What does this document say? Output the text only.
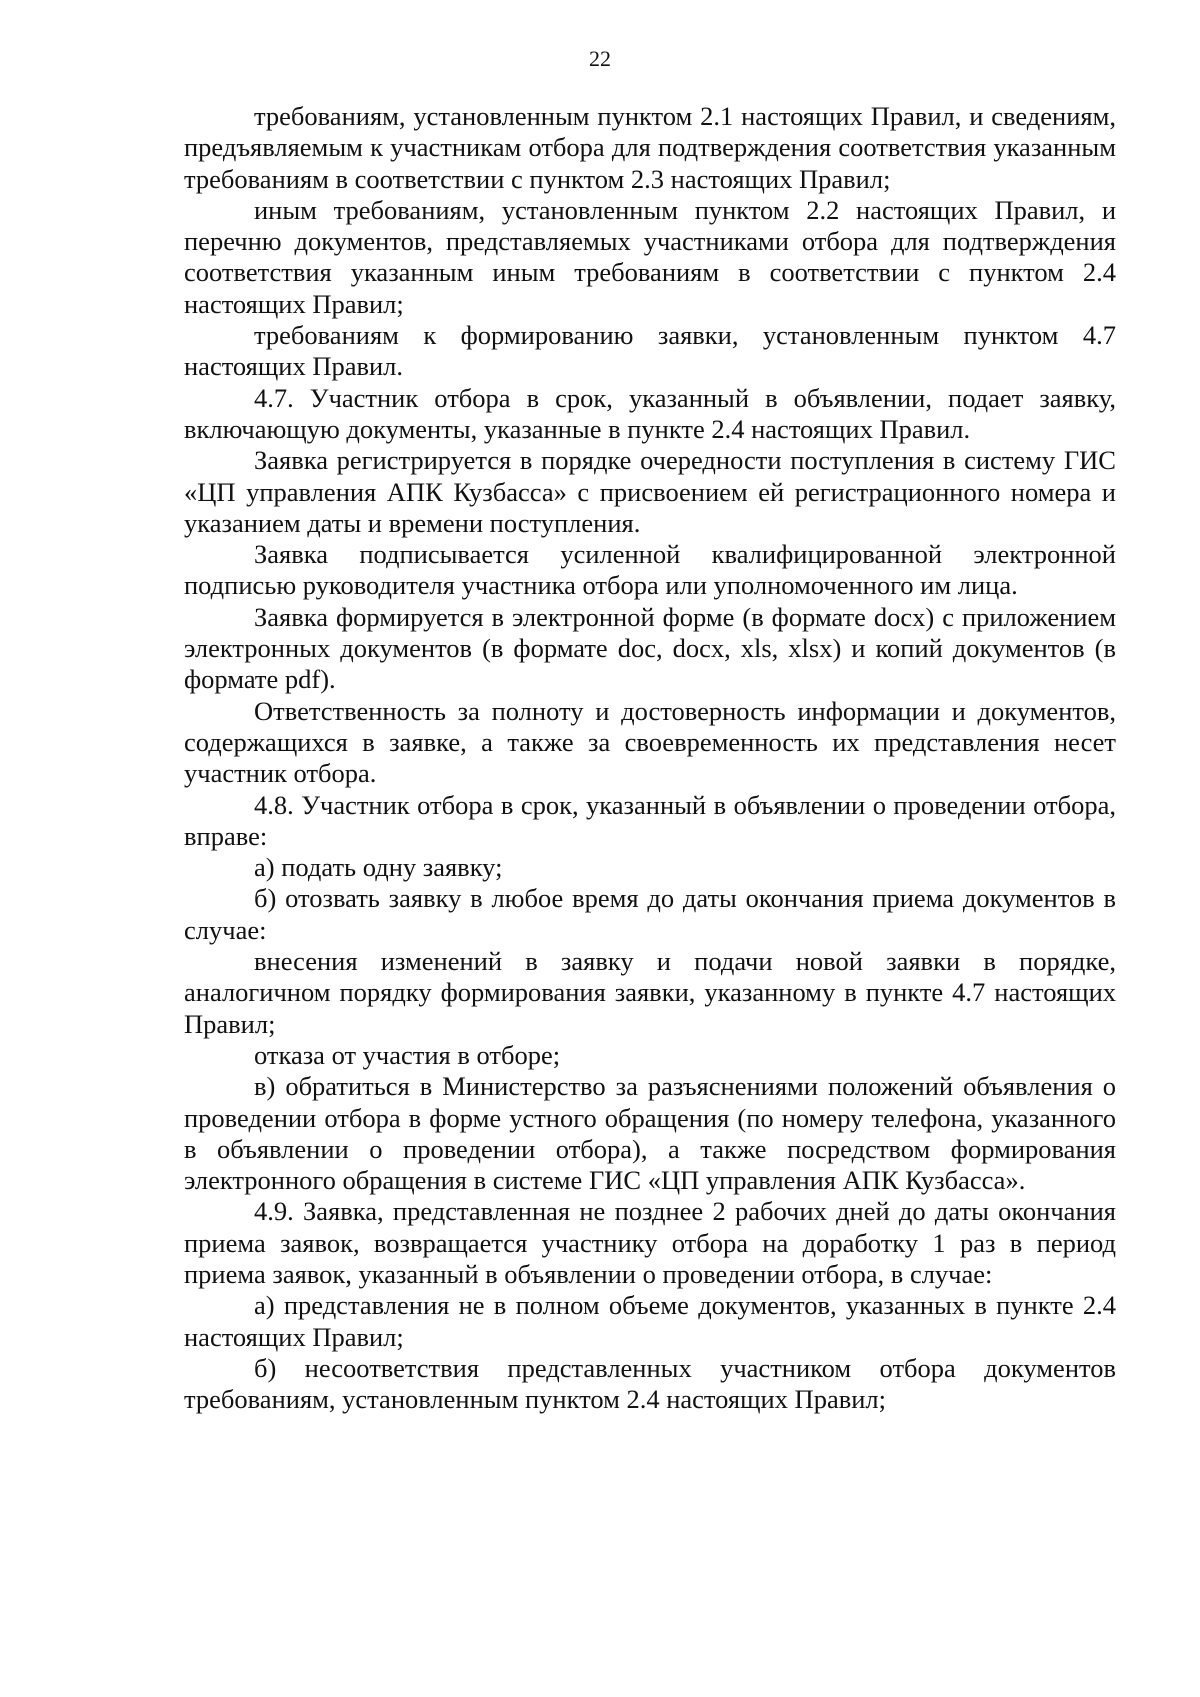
22

требованиям, установленным пунктом 2.1 настоящих Правил, и сведениям, предъявляемым к участникам отбора для подтверждения соответствия указанным требованиям в соответствии с пунктом 2.3 настоящих Правил;

иным требованиям, установленным пунктом 2.2 настоящих Правил, и перечню документов, представляемых участниками отбора для подтверждения соответствия указанным иным требованиям в соответствии с пунктом 2.4 настоящих Правил;

требованиям к формированию заявки, установленным пунктом 4.7 настоящих Правил.

4.7. Участник отбора в срок, указанный в объявлении, подает заявку, включающую документы, указанные в пункте 2.4 настоящих Правил.

Заявка регистрируется в порядке очередности поступления в систему ГИС «ЦП управления АПК Кузбасса» с присвоением ей регистрационного номера и указанием даты и времени поступления.

Заявка подписывается усиленной квалифицированной электронной подписью руководителя участника отбора или уполномоченного им лица.

Заявка формируется в электронной форме (в формате docx) с приложением электронных документов (в формате doc, docx, xls, xlsx) и копий документов (в формате pdf).

Ответственность за полноту и достоверность информации и документов, содержащихся в заявке, а также за своевременность их представления несет участник отбора.

4.8. Участник отбора в срок, указанный в объявлении о проведении отбора, вправе:

а) подать одну заявку;

б) отозвать заявку в любое время до даты окончания приема документов в случае:

внесения изменений в заявку и подачи новой заявки в порядке, аналогичном порядку формирования заявки, указанному в пункте 4.7 настоящих Правил;

отказа от участия в отборе;

в) обратиться в Министерство за разъяснениями положений объявления о проведении отбора в форме устного обращения (по номеру телефона, указанного в объявлении о проведении отбора), а также посредством формирования электронного обращения в системе ГИС «ЦП управления АПК Кузбасса».

4.9. Заявка, представленная не позднее 2 рабочих дней до даты окончания приема заявок, возвращается участнику отбора на доработку 1 раз в период приема заявок, указанный в объявлении о проведении отбора, в случае:

а) представления не в полном объеме документов, указанных в пункте 2.4 настоящих Правил;

б) несоответствия представленных участником отбора документов требованиям, установленным пунктом 2.4 настоящих Правил;
